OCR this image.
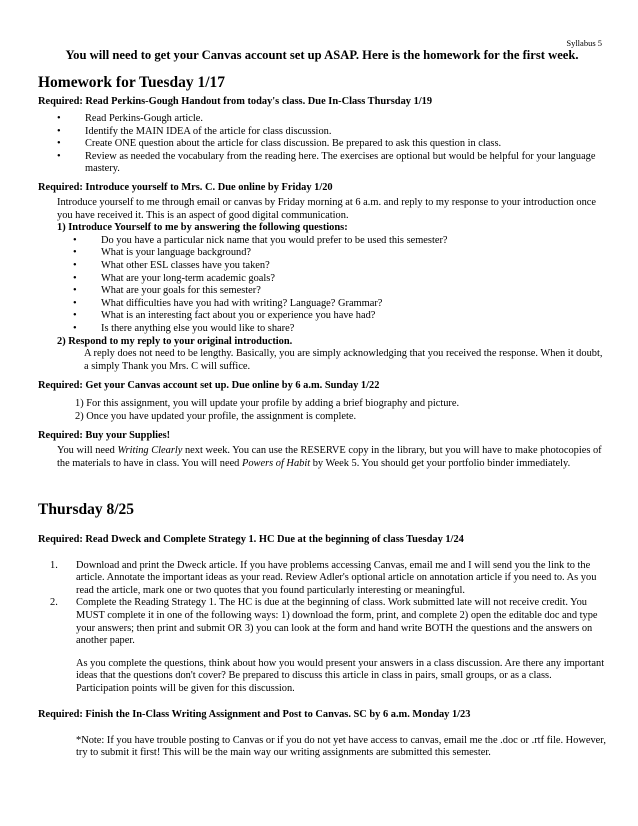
Syllabus 5
You will need to get your Canvas account set up ASAP. Here is the homework for the first week.
Homework for Tuesday 1/17

Required: Read Perkins-Gough Handout from today's class. Due In-Class Thursday 1/19

• Read Perkins-Gough article.
• Identify the MAIN IDEA of the article for class discussion.
• Create ONE question about the article for class discussion. Be prepared to ask this question in class.
• Review as needed the vocabulary from the reading here. The exercises are optional but would be helpful for your language mastery.

Required: Introduce yourself to Mrs. C. Due online by Friday 1/20

Introduce yourself to me through email or canvas by Friday morning at 6 a.m. and reply to my response to your introduction once you have received it. This is an aspect of good digital communication.
1) Introduce Yourself to me by answering the following questions:
• Do you have a particular nick name that you would prefer to be used this semester?
• What is your language background?
• What other ESL classes have you taken?
• What are your long-term academic goals?
• What are your goals for this semester?
• What difficulties have you had with writing? Language? Grammar?
• What is an interesting fact about you or experience you have had?
• Is there anything else you would like to share?
2) Respond to my reply to your original introduction.
A reply does not need to be lengthy. Basically, you are simply acknowledging that you received the response. When it doubt, a simply Thank you Mrs. C will suffice.

Required: Get your Canvas account set up. Due online by 6 a.m. Sunday 1/22

1) For this assignment, you will update your profile by adding a brief biography and picture.
2) Once you have updated your profile, the assignment is complete.

Required: Buy your Supplies!

You will need Writing Clearly next week. You can use the RESERVE copy in the library, but you will have to make photocopies of the materials to have in class. You will need Powers of Habit by Week 5. You should get your portfolio binder immediately.
Thursday 8/25

Required: Read Dweck and Complete Strategy 1. HC Due at the beginning of class Tuesday 1/24

1. Download and print the Dweck article. If you have problems accessing Canvas, email me and I will send you the link to the article. Annotate the important ideas as your read. Review Adler's optional article on annotation article if you need to. As you read the article, mark one or two quotes that you found particularly interesting or meaningful.
2. Complete the Reading Strategy 1. The HC is due at the beginning of class. Work submitted late will not receive credit. You MUST complete it in one of the following ways: 1) download the form, print, and complete 2) open the editable doc and type your answers; then print and submit OR 3) you can look at the form and hand write BOTH the questions and the answers on another paper.
As you complete the questions, think about how you would present your answers in a class discussion. Are there any important ideas that the questions don't cover? Be prepared to discuss this article in class in pairs, small groups, or as a class. Participation points will be given for this discussion.

Required: Finish the In-Class Writing Assignment and Post to Canvas. SC by 6 a.m. Monday 1/23

*Note: If you have trouble posting to Canvas or if you do not yet have access to canvas, email me the .doc or .rtf file. However, try to submit it first! This will be the main way our writing assignments are submitted this semester.
